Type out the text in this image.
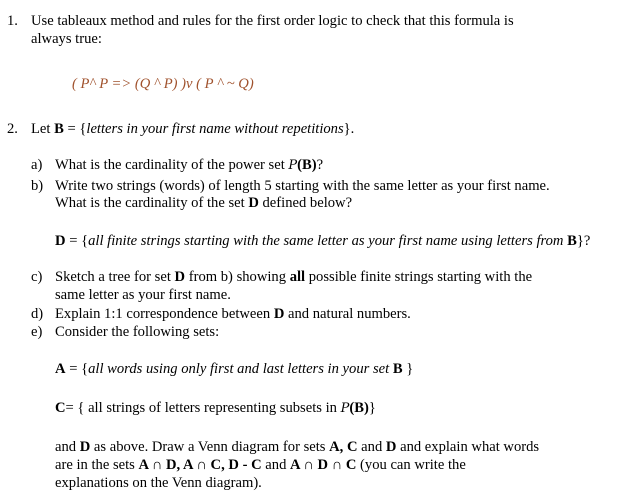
1. Use tableaux method and rules for the first order logic to check that this formula is
always true:
( P^ P => (Q ^ P) )v ( P ^ ~ Q)
2. Let B = {letters in your first name without repetitions}.
a) What is the cardinality of the power set P(B)?
b) Write two strings (words) of length 5 starting with the same letter as your first name.
What is the cardinality of the set D defined below?
D = {all finite strings starting with the same letter as your first name using letters from B}?
c) Sketch a tree for set D from b) showing all possible finite strings starting with the
same letter as your first name.
d) Explain 1:1 correspondence between D and natural numbers.
e) Consider the following sets:
A = {all words using only first and last letters in your set B }
C= { all strings of letters representing subsets in P(B)}
and D as above. Draw a Venn diagram for sets A, C and D and explain what words
are in the sets A ∩ D, A ∩ C, D - C and A ∩ D ∩ C (you can write the
explanations on the Venn diagram).
